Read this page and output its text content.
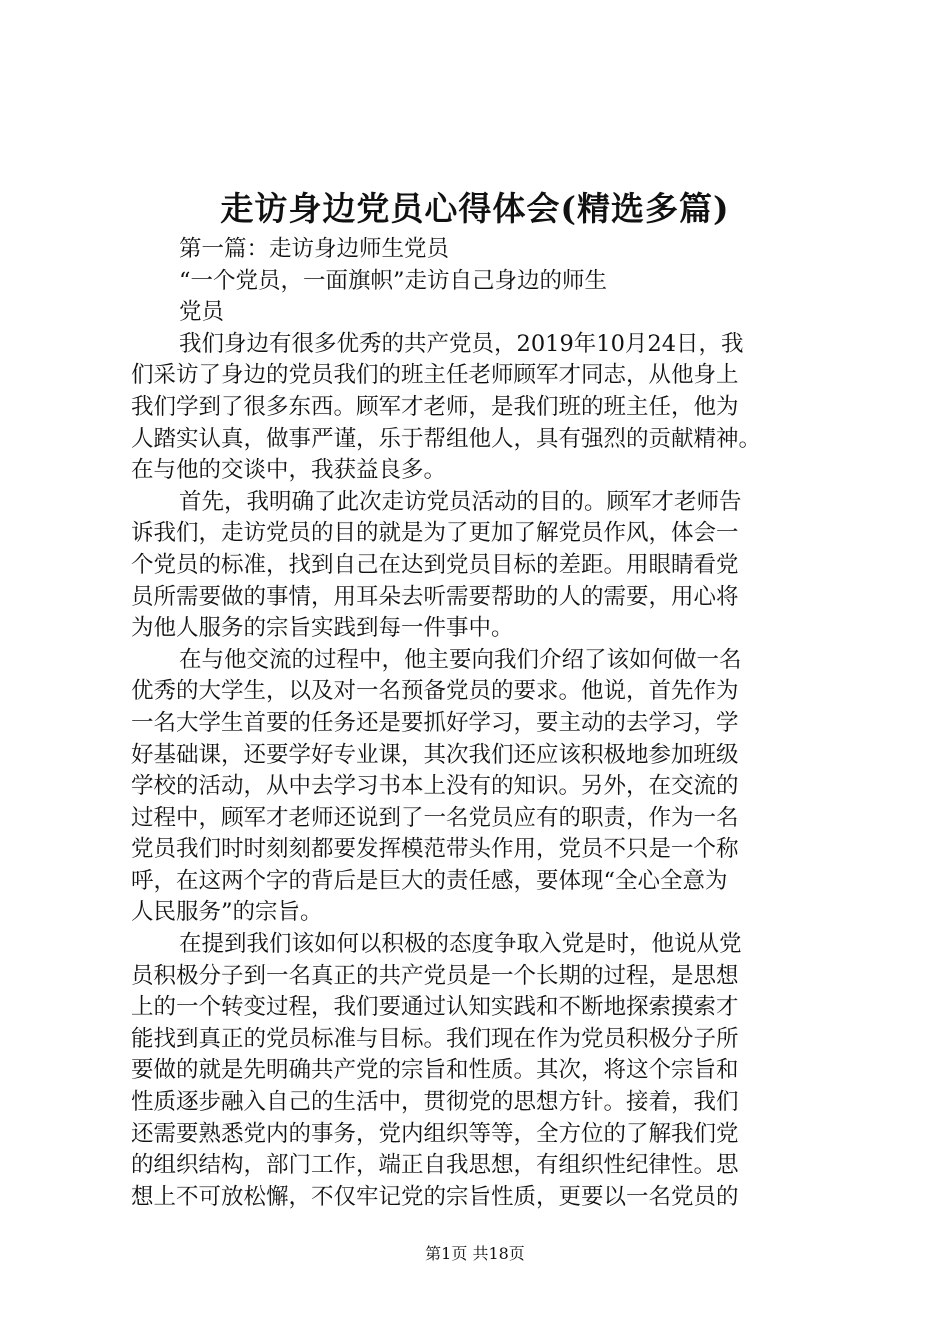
走访身边党员心得体会(精选多篇)
第一篇：走访身边师生党员
“一个党员，一面旗帜”走访自己身边的师生
党员
我们身边有很多优秀的共产党员，2019年10月24日，我
们采访了身边的党员我们的班主任老师顾军才同志，从他身上
我们学到了很多东西。顾军才老师，是我们班的班主任，他为
人踏实认真，做事严谨，乐于帮组他人，具有强烈的贡献精神。
在与他的交谈中，我获益良多。
首先，我明确了此次走访党员活动的目的。顾军才老师告
诉我们，走访党员的目的就是为了更加了解党员作风，体会一
个党员的标准，找到自己在达到党员目标的差距。用眼睛看党
员所需要做的事情，用耳朵去听需要帮助的人的需要，用心将
为他人服务的宗旨实践到每一件事中。
在与他交流的过程中，他主要向我们介绍了该如何做一名
优秀的大学生，以及对一名预备党员的要求。他说，首先作为
一名大学生首要的任务还是要抓好学习，要主动的去学习，学
好基础课，还要学好专业课，其次我们还应该积极地参加班级
学校的活动，从中去学习书本上没有的知识。另外，在交流的
过程中，顾军才老师还说到了一名党员应有的职责，作为一名
党员我们时时刻刻都要发挥模范带头作用，党员不只是一个称
呼，在这两个字的背后是巨大的责任感，要体现“全心全意为
人民服务”的宗旨。
在提到我们该如何以积极的态度争取入党是时，他说从党
员积极分子到一名真正的共产党员是一个长期的过程，是思想
上的一个转变过程，我们要通过认知实践和不断地探索摸索才
能找到真正的党员标准与目标。我们现在作为党员积极分子所
要做的就是先明确共产党的宗旨和性质。其次，将这个宗旨和
性质逐步融入自己的生活中，贯彻党的思想方针。接着，我们
还需要熟悉党内的事务，党内组织等等，全方位的了解我们党
的组织结构，部门工作，端正自我思想，有组织性纪律性。思
想上不可放松懈，不仅牢记党的宗旨性质，更要以一名党员的
第1页 共18页
